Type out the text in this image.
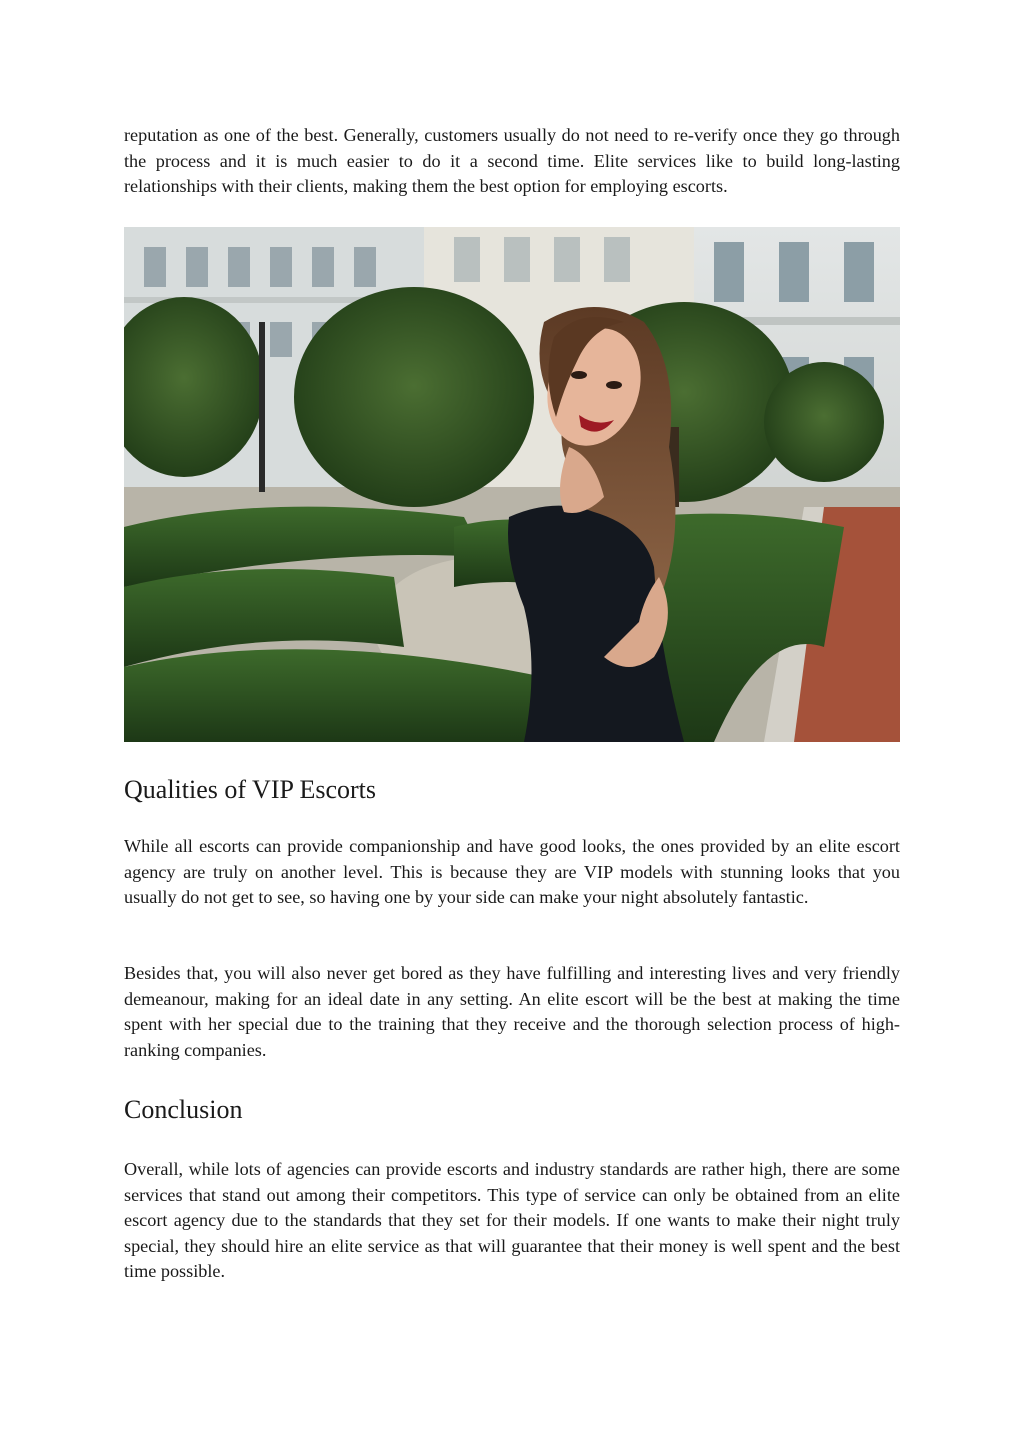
reputation as one of the best. Generally, customers usually do not need to re-verify once they go through the process and it is much easier to do it a second time. Elite services like to build long-lasting relationships with their clients, making them the best option for employing escorts.

Qualities of VIP Escorts

While all escorts can provide companionship and have good looks, the ones provided by an elite escort agency are truly on another level. This is because they are VIP models with stunning looks that you usually do not get to see, so having one by your side can make your night absolutely fantastic.

Besides that, you will also never get bored as they have fulfilling and interesting lives and very friendly demeanour, making for an ideal date in any setting. An elite escort will be the best at making the time spent with her special due to the training that they receive and the thorough selection process of high-ranking companies.

Conclusion

Overall, while lots of agencies can provide escorts and industry standards are rather high, there are some services that stand out among their competitors. This type of service can only be obtained from an elite escort agency due to the standards that they set for their models. If one wants to make their night truly special, they should hire an elite service as that will guarantee that their money is well spent and the best time possible.
